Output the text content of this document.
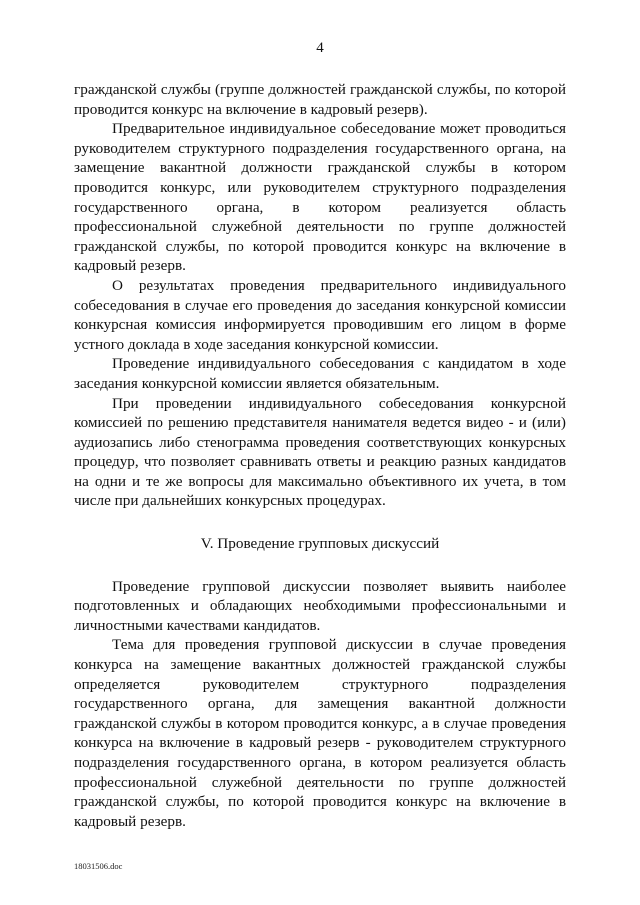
4

гражданской службы (группе должностей гражданской службы, по которой проводится конкурс на включение в кадровый резерв).

Предварительное индивидуальное собеседование может проводиться руководителем структурного подразделения государственного органа, на замещение вакантной должности гражданской службы в котором проводится конкурс, или руководителем структурного подразделения государственного органа, в котором реализуется область профессиональной служебной деятельности по группе должностей гражданской службы, по которой проводится конкурс на включение в кадровый резерв.

О результатах проведения предварительного индивидуального собеседования в случае его проведения до заседания конкурсной комиссии конкурсная комиссия информируется проводившим его лицом в форме устного доклада в ходе заседания конкурсной комиссии.

Проведение индивидуального собеседования с кандидатом в ходе заседания конкурсной комиссии является обязательным.

При проведении индивидуального собеседования конкурсной комиссией по решению представителя нанимателя ведется видео - и (или) аудиозапись либо стенограмма проведения соответствующих конкурсных процедур, что позволяет сравнивать ответы и реакцию разных кандидатов на одни и те же вопросы для максимально объективного их учета, в том числе при дальнейших конкурсных процедурах.

V. Проведение групповых дискуссий

Проведение групповой дискуссии позволяет выявить наиболее подготовленных и обладающих необходимыми профессиональными и личностными качествами кандидатов.

Тема для проведения групповой дискуссии в случае проведения конкурса на замещение вакантных должностей гражданской службы определяется руководителем структурного подразделения государственного органа, для замещения вакантной должности гражданской службы в котором проводится конкурс, а в случае проведения конкурса на включение в кадровый резерв - руководителем структурного подразделения государственного органа, в котором реализуется область профессиональной служебной деятельности по группе должностей гражданской службы, по которой проводится конкурс на включение в кадровый резерв.

18031506.doc
